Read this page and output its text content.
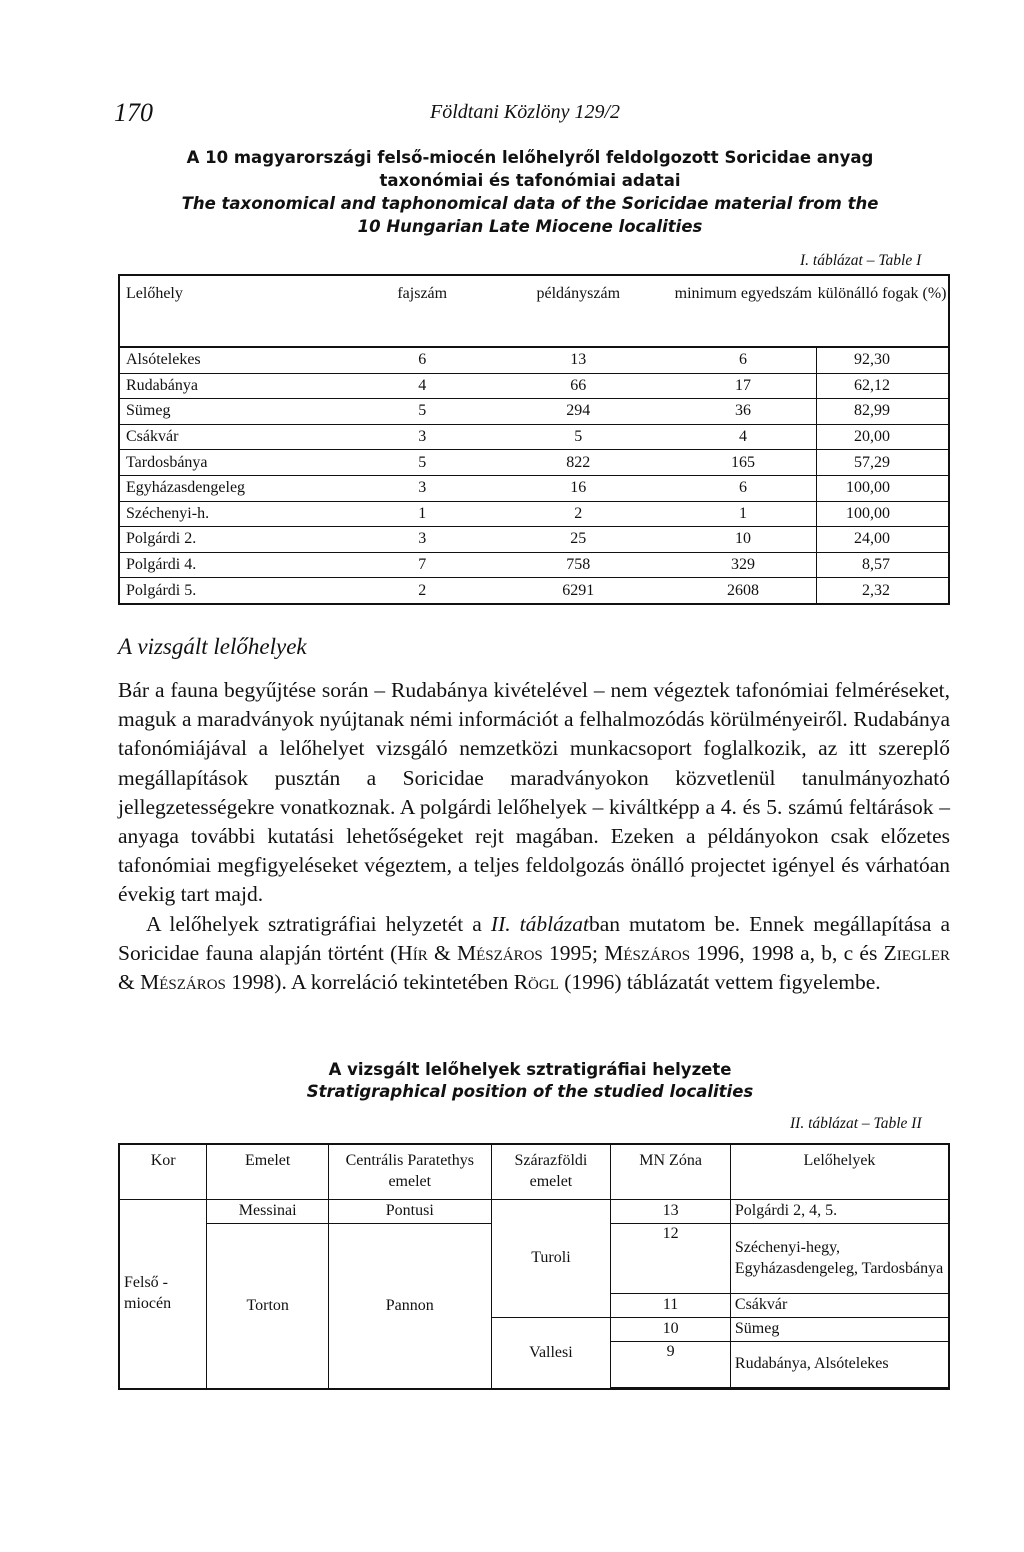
170	Földtani Közlöny 129/2
A 10 magyarországi felső-miocén lelőhelyről feldolgozott Soricidae anyag
taxonómiai és tafonómiai adatai
The taxonomical and taphonomical data of the Soricidae material from the
10 Hungarian Late Miocene localities
I. táblázat – Table I
Lelőhely	fajszám	példányszám	minimum egyedszám	különálló fogak (%)
Alsótelekes	6	13	6	92,30
Rudabánya	4	66	17	62,12
Sümeg	5	294	36	82,99
Csákvár	3	5	4	20,00
Tardosbánya	5	822	165	57,29
Egyházasdengeleg	3	16	6	100,00
Széchenyi-h.	1	2	1	100,00
Polgárdi 2.	3	25	10	24,00
Polgárdi 4.	7	758	329	8,57
Polgárdi 5.	2	6291	2608	2,32
A vizsgált lelőhelyek

Bár a fauna begyűjtése során – Rudabánya kivételével – nem végeztek tafonómiai felméréseket, maguk a maradványok nyújtanak némi információt a felhalmozódás körülményeiről. Rudabánya tafonómiájával a lelőhelyet vizsgáló nemzetközi munkacsoport foglalkozik, az itt szereplő megállapítások pusztán a Soricidae maradványokon közvetlenül tanulmányozható jellegzetességekre vonatkoznak. A polgárdi lelőhelyek – kiváltképp a 4. és 5. számú feltárások – anyaga további kutatási lehetőségeket rejt magában. Ezeken a példányokon csak előzetes tafonómiai megfigyeléseket végeztem, a teljes feldolgozás önálló projectet igényel és várhatóan évekig tart majd.

A lelőhelyek sztratigráfiai helyzetét a II. táblázatban mutatom be. Ennek megállapítása a Soricidae fauna alapján történt (Hír & Mészáros 1995; Mészáros 1996, 1998 a, b, c és Ziegler & Mészáros 1998). A korreláció tekintetében Rögl (1996) táblázatát vettem figyelembe.

A vizsgált lelőhelyek sztratigráfiai helyzete
Stratigraphical position of the studied localities
II. táblázat – Table II
Kor	Emelet	Centrális Paratethys emelet	Szárazföldi emelet	MN Zóna	Lelőhelyek
Felső - miocén	Messinai	Pontusi	Turoli	13	Polgárdi 2, 4, 5.
	Torton	Pannon		12	Széchenyi-hegy, Egyházasdengeleg, Tardosbánya
				11	Csákvár
			Vallesi	10	Sümeg
				9	Rudabánya, Alsótelekes
